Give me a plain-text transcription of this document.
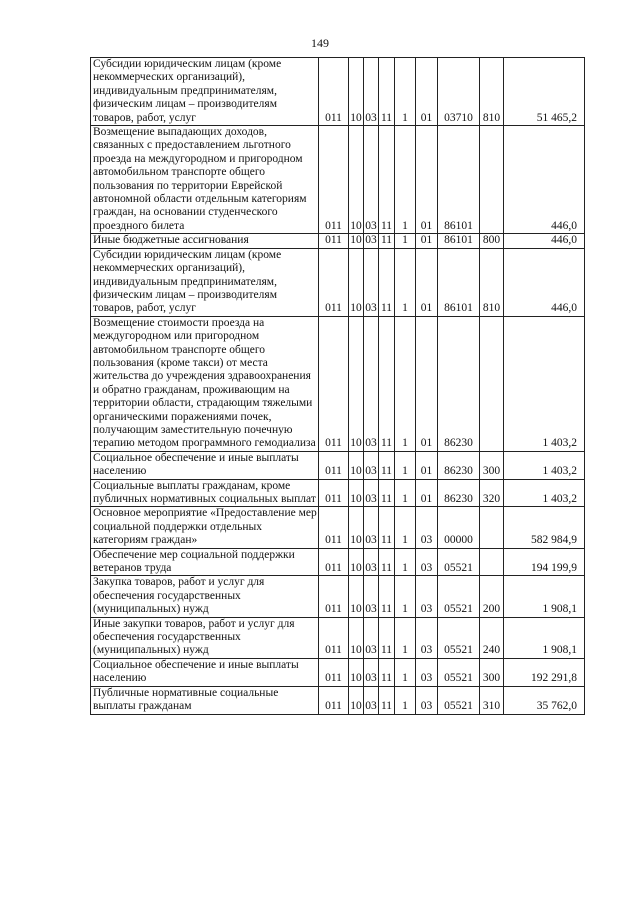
149
Субсидии юридическим лицам (кроме некоммерческих организаций), индивидуальным предпринимателям, физическим лицам – производителям товаров, работ, услуг	011	10	03	11	1	01	03710	810	51 465,2
Возмещение выпадающих доходов, связанных с предоставлением льготного проезда на междугородном и пригородном автомобильном транспорте общего пользования по территории Еврейской автономной области отдельным категориям граждан, на основании студенческого проездного билета	011	10	03	11	1	01	86101		446,0
Иные бюджетные ассигнования	011	10	03	11	1	01	86101	800	446,0
Субсидии юридическим лицам (кроме некоммерческих организаций), индивидуальным предпринимателям, физическим лицам – производителям товаров, работ, услуг	011	10	03	11	1	01	86101	810	446,0
Возмещение стоимости проезда на междугородном или пригородном автомобильном транспорте общего пользования (кроме такси) от места жительства до учреждения здравоохранения и обратно гражданам, проживающим на территории области, страдающим тяжелыми органическими поражениями почек, получающим заместительную почечную терапию методом программного гемодиализа	011	10	03	11	1	01	86230		1 403,2
Социальное обеспечение и иные выплаты населению	011	10	03	11	1	01	86230	300	1 403,2
Социальные выплаты гражданам, кроме публичных нормативных социальных выплат	011	10	03	11	1	01	86230	320	1 403,2
Основное мероприятие «Предоставление мер социальной поддержки отдельных категориям граждан»	011	10	03	11	1	03	00000		582 984,9
Обеспечение мер социальной поддержки ветеранов труда	011	10	03	11	1	03	05521		194 199,9
Закупка товаров, работ и услуг для обеспечения государственных (муниципальных) нужд	011	10	03	11	1	03	05521	200	1 908,1
Иные закупки товаров, работ и услуг для обеспечения государственных (муниципальных) нужд	011	10	03	11	1	03	05521	240	1 908,1
Социальное обеспечение и иные выплаты населению	011	10	03	11	1	03	05521	300	192 291,8
Публичные нормативные социальные выплаты гражданам	011	10	03	11	1	03	05521	310	35 762,0
